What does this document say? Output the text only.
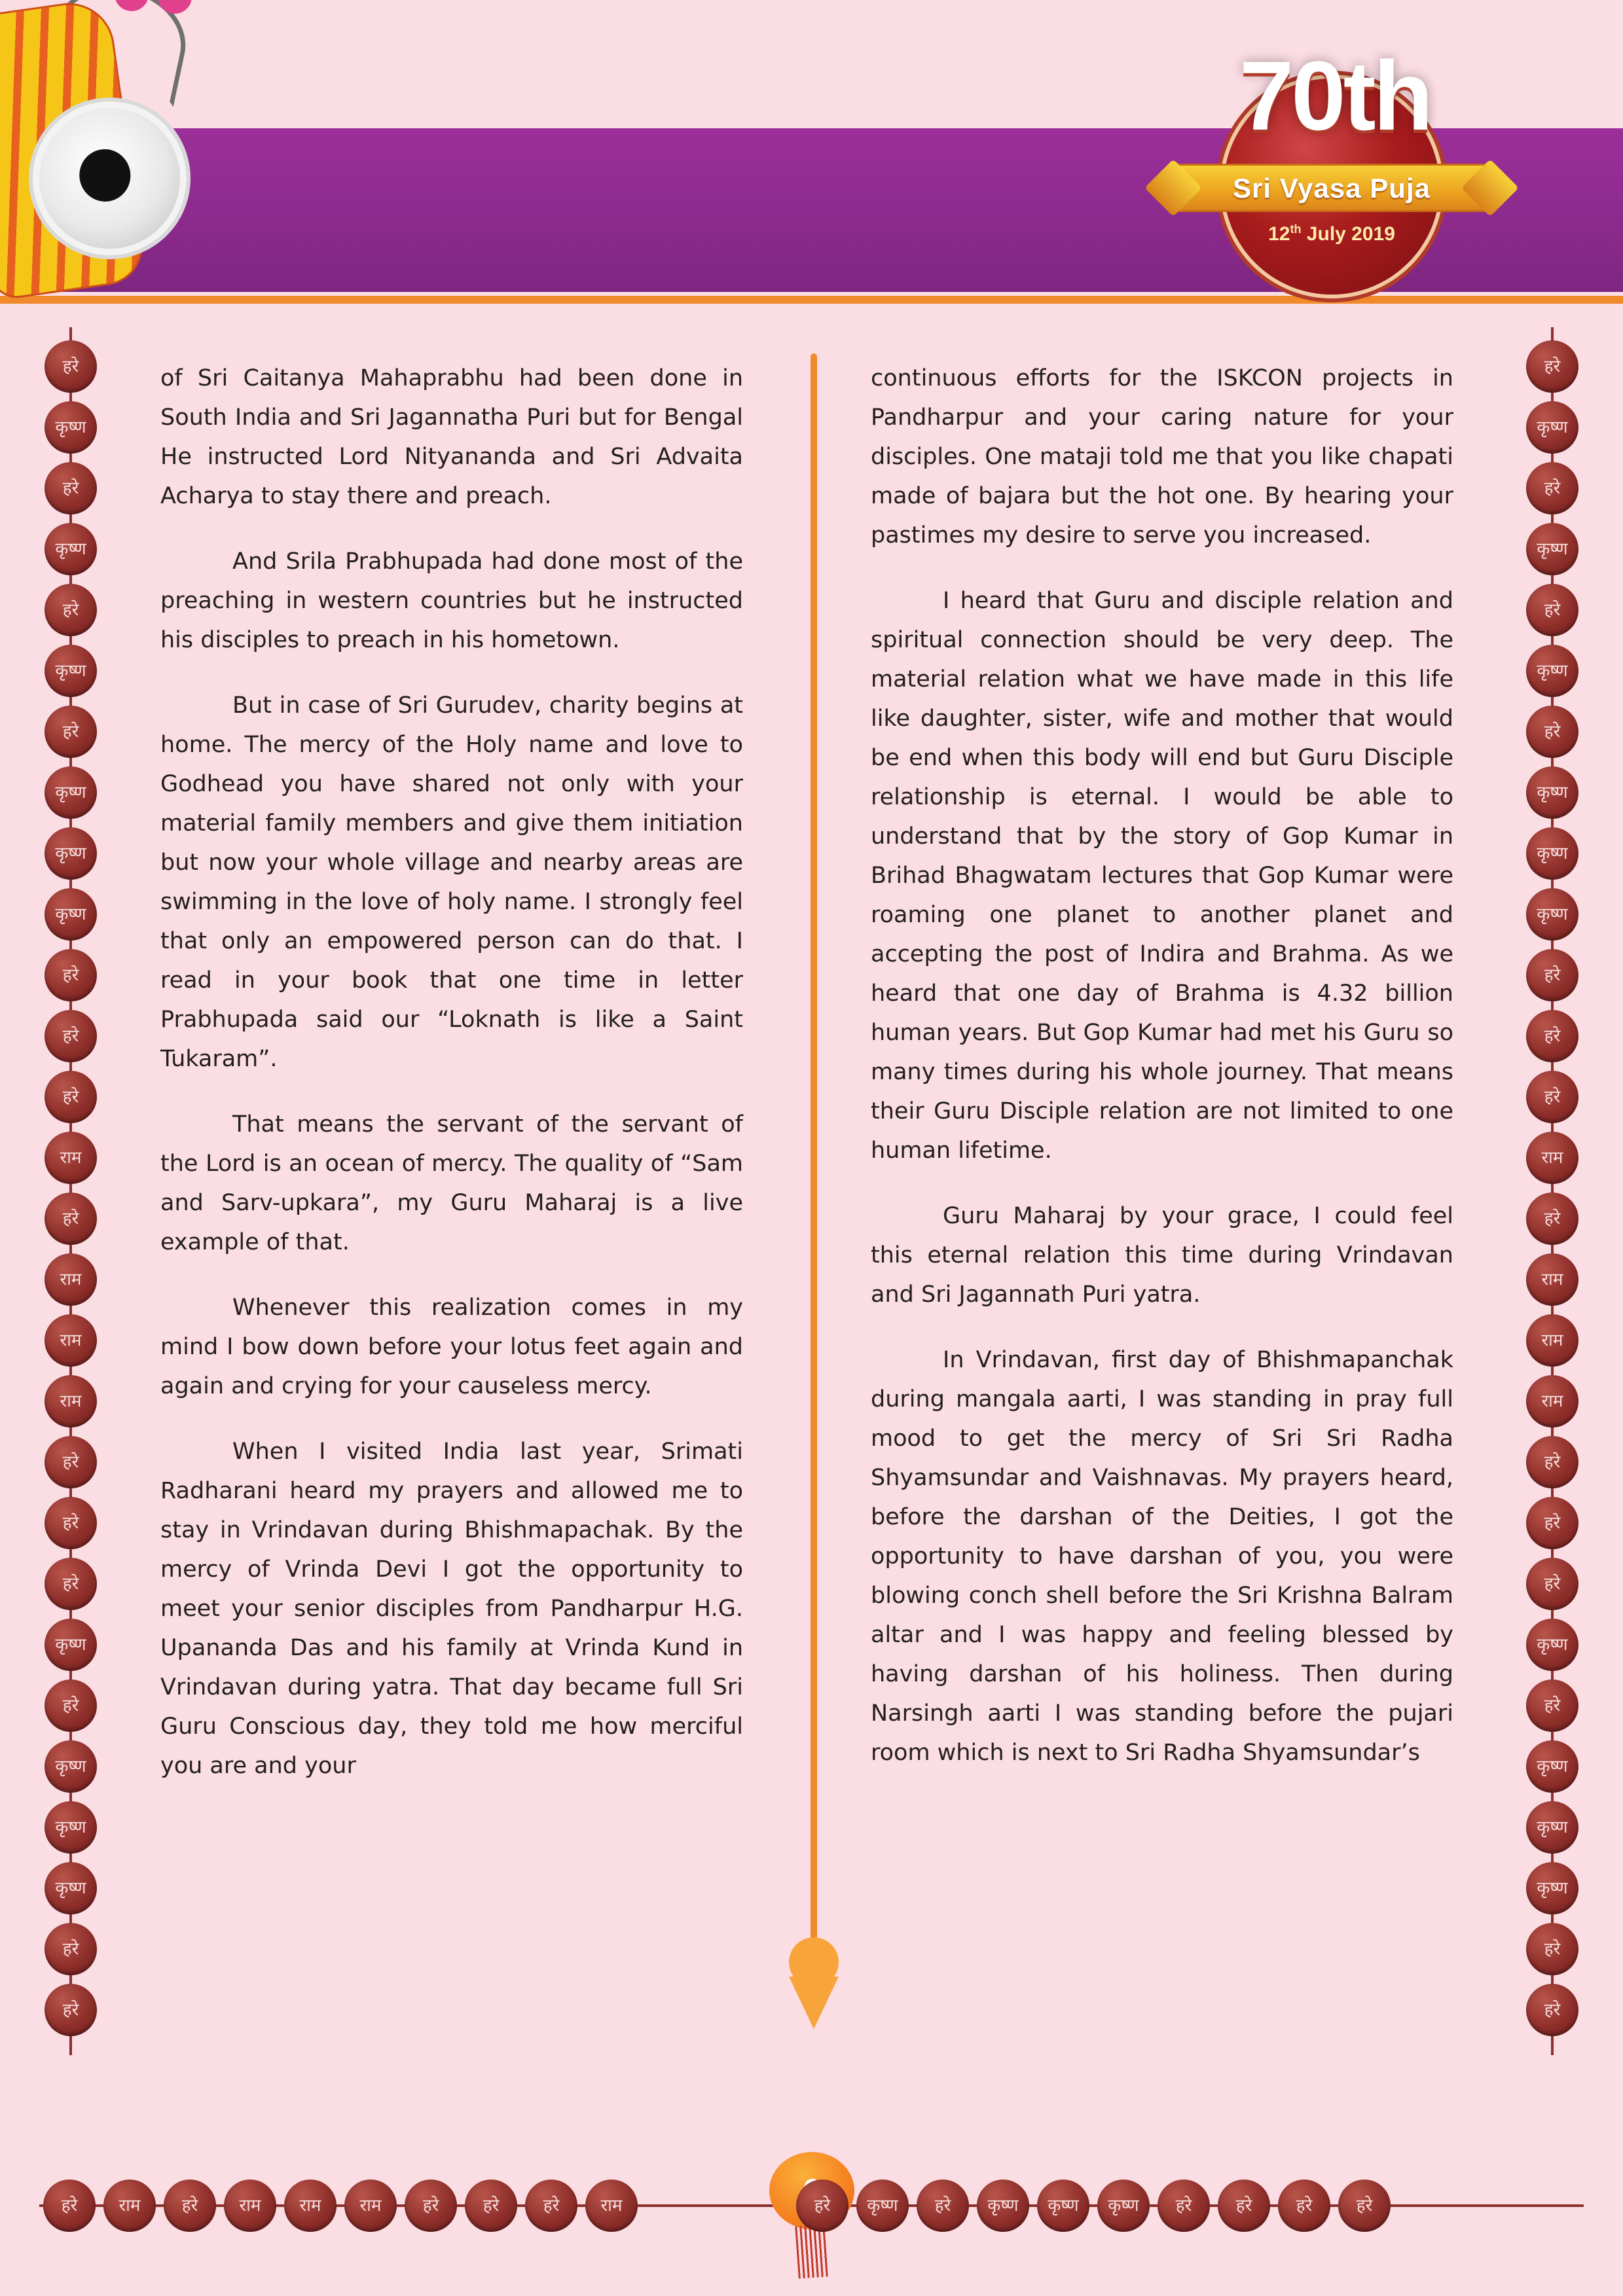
70th
Sri Vyasa Puja
12th July 2019
हरे
कृष्ण
हरे
कृष्ण
हरे
कृष्ण
हरे
कृष्ण
कृष्ण
कृष्ण
हरे
हरे
हरे
राम
हरे
राम
राम
राम
हरे
हरे
हरे
कृष्ण
हरे
कृष्ण
कृष्ण
कृष्ण
हरे
हरे
हरे
कृष्ण
हरे
कृष्ण
हरे
कृष्ण
हरे
कृष्ण
कृष्ण
कृष्ण
हरे
हरे
हरे
राम
हरे
राम
राम
राम
हरे
हरे
हरे
कृष्ण
हरे
कृष्ण
कृष्ण
कृष्ण
हरे
हरे
हरे	राम	हरे	राम	राम	राम	हरे	हरे	हरे	राम	हरे	कृष्ण	हरे	कृष्ण	कृष्ण	कृष्ण	हरे	हरे	हरे	हरे

of Sri Caitanya Mahaprabhu had been done in South India and Sri Jagannatha Puri but for Bengal He instructed Lord Nityananda and Sri Advaita Acharya to stay there and preach.

And Srila Prabhupada had done most of the preaching in western countries but he instructed his disciples to preach in his hometown.

But in case of Sri Gurudev, charity begins at home. The mercy of the Holy name and love to Godhead you have shared not only with your material family members and give them initiation but now your whole village and nearby areas are swimming in the love of holy name. I strongly feel that only an empowered person can do that. I read in your book that one time in letter Prabhupada said our “Loknath is like a Saint Tukaram”.

That means the servant of the servant of the Lord is an ocean of mercy. The quality of “Sam and Sarv-upkara”, my Guru Maharaj is a live example of that.

Whenever this realization comes in my mind I bow down before your lotus feet again and again and crying for your causeless mercy.

When I visited India last year, Srimati Radharani heard my prayers and allowed me to stay in Vrindavan during Bhishmapachak. By the mercy of Vrinda Devi I got the opportunity to meet your senior disciples from Pandharpur H.G. Upananda Das and his family at Vrinda Kund in Vrindavan during yatra. That day became full Sri Guru Conscious day, they told me how merciful you are and your

continuous efforts for the ISKCON projects in Pandharpur and your caring nature for your disciples. One mataji told me that you like chapati made of bajara but the hot one. By hearing your pastimes my desire to serve you increased.

I heard that Guru and disciple relation and spiritual connection should be very deep. The material relation what we have made in this life like daughter, sister, wife and mother that would be end when this body will end but Guru Disciple relationship is eternal. I would be able to understand that by the story of Gop Kumar in Brihad Bhagwatam lectures that Gop Kumar were roaming one planet to another planet and accepting the post of Indira and Brahma. As we heard that one day of Brahma is 4.32 billion human years. But Gop Kumar had met his Guru so many times during his whole journey. That means their Guru Disciple relation are not limited to one human lifetime.

Guru Maharaj by your grace, I could feel this eternal relation this time during Vrindavan and Sri Jagannath Puri yatra.

In Vrindavan, first day of Bhishmapanchak during mangala aarti, I was standing in pray full mood to get the mercy of Sri Sri Radha Shyamsundar and Vaishnavas. My prayers heard, before the darshan of the Deities, I got the opportunity to have darshan of you, you were blowing conch shell before the Sri Krishna Balram altar and I was happy and feeling blessed by having darshan of his holiness. Then during Narsingh aarti I was standing before the pujari room which is next to Sri Radha Shyamsundar’s
